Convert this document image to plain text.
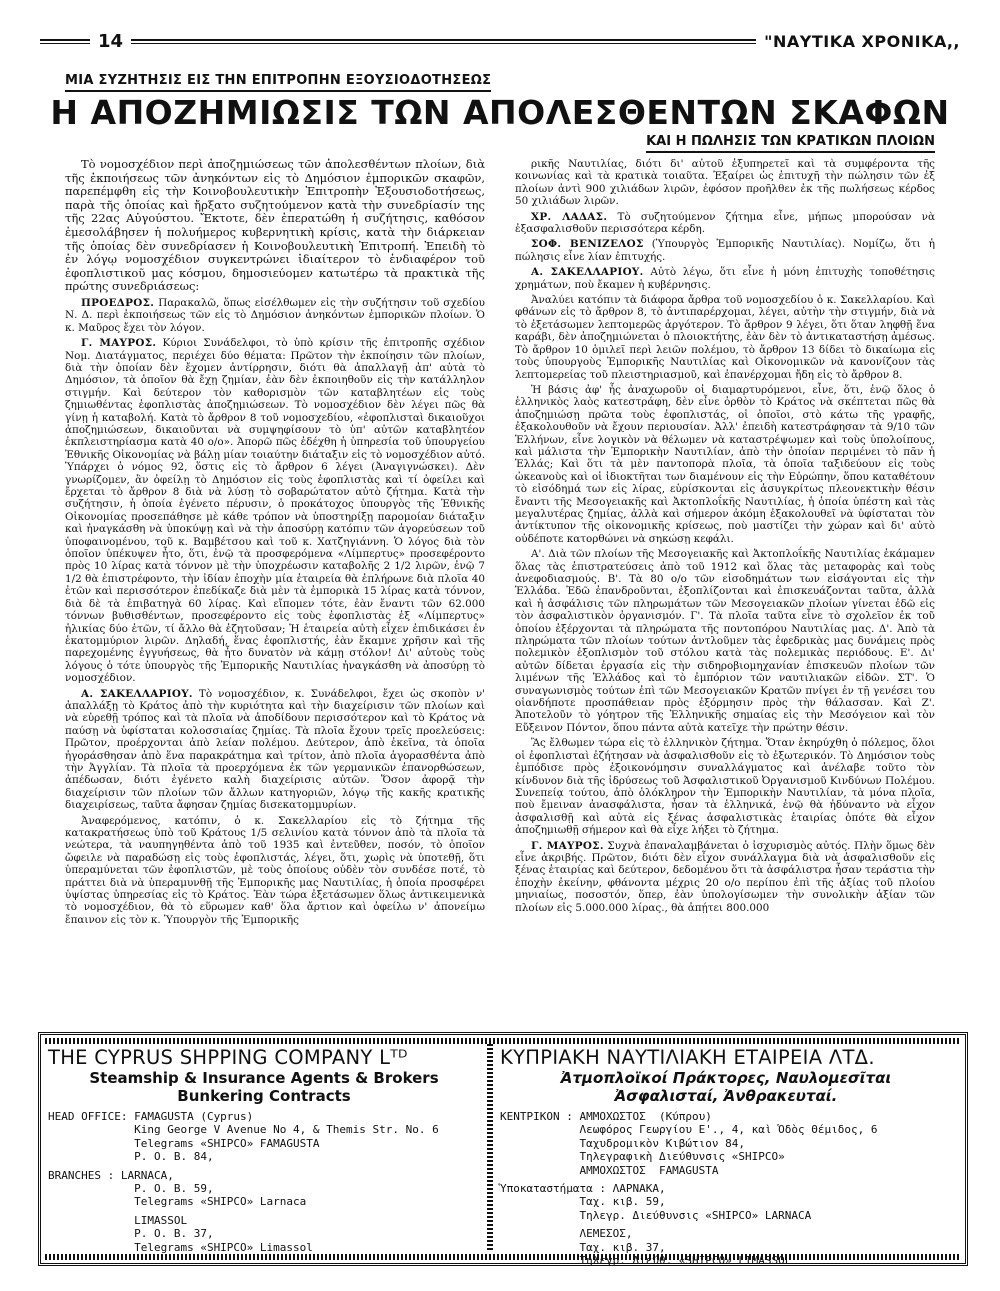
14	"ΝΑΥΤΙΚΑ ΧΡΟΝΙΚΑ,,
ΜΙΑ ΣΥΖΗΤΗΣΙΣ ΕΙΣ ΤΗΝ ΕΠΙΤΡΟΠΗΝ ΕΞΟΥΣΙΟΔΟΤΗΣΕΩΣ
Η ΑΠΟΖΗΜΙΩΣΙΣ ΤΩΝ ΑΠΟΛΕΣΘΕΝΤΩΝ ΣΚΑΦΩΝ
ΚΑΙ Η ΠΩΛΗΣΙΣ ΤΩΝ ΚΡΑΤΙΚΩΝ ΠΛΟΙΩΝ

Τὸ νομοσχέδιον περὶ ἀποζημιώσεως τῶν ἀπολεσθέντων πλοίων, διὰ τῆς ἐκποιήσεως τῶν ἀνηκόντων εἰς τὸ Δημόσιον ἐμπορικῶν σκαφῶν, παρεπέμφθη εἰς τὴν Κοινοβουλευτικὴν Ἐπιτροπὴν Ἐξουσιοδοτήσεως, παρὰ τῆς ὁποίας καὶ ἤρξατο συζητούμενον κατὰ τὴν συνεδρίασίν της τῆς 22ας Αὐγούστου. Ἔκτοτε, δὲν ἐπερατώθη ἡ συζήτησις, καθόσον ἐμεσολάβησεν ἡ πολυήμερος κυβερνητικὴ κρίσις, κατὰ τὴν διάρκειαν τῆς ὁποίας δὲν συνεδρίασεν ἡ Κοινοβουλευτικὴ Ἐπιτροπή. Ἐπειδὴ τὸ ἐν λόγῳ νομοσχέδιον συγκεντρώνει ἰδιαίτερον τὸ ἐνδιαφέρον τοῦ ἐφοπλιστικοῦ μας κόσμου, δημοσιεύομεν κατωτέρω τὰ πρακτικὰ τῆς πρώτης συνεδριάσεως:

ΠΡΟΕΔΡΟΣ. Παρακαλῶ, ὅπως εἰσέλθωμεν εἰς τὴν συζήτησιν τοῦ σχεδίου Ν. Δ. περὶ ἐκποιήσεως τῶν εἰς τὸ Δημόσιον ἀνηκόντων ἐμπορικῶν πλοίων. Ὁ κ. Μαῦρος ἔχει τὸν λόγον.

Γ. ΜΑΥΡΟΣ. Κύριοι Συνάδελφοι, τὸ ὑπὸ κρίσιν τῆς ἐπιτροπῆς σχέδιον Νομ. Διατάγματος, περιέχει δύο θέματα: Πρῶτον τὴν ἐκποίησιν τῶν πλοίων, διὰ τὴν ὁποίαν δὲν ἔχομεν ἀντίρρησιν, διότι θὰ ἀπαλλαγῇ ἀπ' αὐτὰ τὸ Δημόσιον, τὰ ὁποῖον θὰ ἔχῃ ζημίαν, ἐὰν δὲν ἐκποιηθοῦν εἰς τὴν κατάλληλον στιγμήν. Καὶ δεύτερον τὸν καθορισμὸν τῶν καταβλητέων εἰς τοὺς ζημιωθέντας ἐφοπλιστὰς ἀποζημιώσεων. Τὸ νομοσχέδιον δὲν λέγει πῶς θὰ γίνῃ ἡ καταβολή. Κατὰ τὸ ἄρθρον 8 τοῦ νομοσχεδίου, «ἐφοπλισταὶ δικαιοῦχοι ἀποζημιώσεων, δικαιοῦνται νὰ συμψηφίσουν τὸ ὑπ' αὐτῶν καταβλητέον ἐκπλειστηρίασμα κατὰ 40 ο/ο». Ἀπορῶ πῶς ἐδέχθη ἡ ὑπηρεσία τοῦ ὑπουργείου Ἐθνικῆς Οἰκονομίας νὰ βάλῃ μίαν τοιαύτην διάταξιν εἰς τὸ νομοσχέδιον αὐτό. Ὑπάρχει ὁ νόμος 92, ὅστις εἰς τὸ ἄρθρον 6 λέγει (Ἀναγιγνώσκει). Δὲν γνωρίζομεν, ἂν ὀφείλῃ τὸ Δημόσιον εἰς τοὺς ἐφοπλιστὰς καὶ τί ὀφείλει καὶ ἔρχεται τὸ ἄρθρον 8 διὰ νὰ λύσῃ τὸ σοβαρώτατον αὐτὸ ζήτημα. Κατὰ τὴν συζήτησιν, ἡ ὁποία ἐγένετο πέρυσιν, ὁ προκάτοχος ὑπουργὸς τῆς Ἐθνικῆς Οἰκονομίας προσεπάθησε μὲ κάθε τρόπον νὰ ὑποστηρίξῃ παρομοίαν διάταξιν καὶ ἠναγκάσθη νὰ ὑποκύψῃ καὶ νὰ τὴν ἀποσύρῃ κατόπιν τῶν ἀγορεύσεων τοῦ ὑποφαινομένου, τοῦ κ. Βαμβέτσου καὶ τοῦ κ. Χατζηγιάννη. Ὁ λόγος διὰ τὸν ὁποῖον ὑπέκυψεν ἦτο, ὅτι, ἐνῷ τὰ προσφερόμενα «Λίμπερτυς» προσεφέροντο πρὸς 10 λίρας κατὰ τόννον μὲ τὴν ὑποχρέωσιν καταβολῆς 2 1/2 λιρῶν, ἐνῷ 7 1/2 θὰ ἐπιστρέφοντο, τὴν ἰδίαν ἐποχὴν μία ἑταιρεία θὰ ἐπλήρωνε διὰ πλοῖα 40 ἐτῶν καὶ περισσότερον ἐπεδίκαζε διὰ μὲν τὰ ἐμπορικὰ 15 λίρας κατὰ τόννον, διὰ δὲ τὰ ἐπιβατηγὰ 60 λίρας. Καὶ εἴπομεν τότε, ἐὰν ἔναντι τῶν 62.000 τόννων βυθισθέντων, προσεφέροντο εἰς τοὺς ἐφοπλιστὰς ἐξ «Λίμπερτυς» ἡλικίας δύο ἐτῶν, τί ἄλλο θὰ ἐζητοῦσαν; Ἡ ἑταιρεία αὐτὴ εἶχεν ἐπιδικάσει ἐν ἑκατομμύριον λιρῶν. Δηλαδή, ἕνας ἐφοπλιστής, ἐὰν ἔκαμνε χρῆσιν καὶ τῆς παρεχομένης ἐγγυήσεως, θὰ ἦτο δυνατὸν νὰ κάμῃ στόλον! Δι' αὐτοὺς τοὺς λόγους ὁ τότε ὑπουργὸς τῆς Ἐμπορικῆς Ναυτιλίας ἠναγκάσθη νὰ ἀποσύρῃ τὸ νομοσχέδιον.

Α. ΣΑΚΕΛΛΑΡΙΟΥ. Τὸ νομοσχέδιον, κ. Συνάδελφοι, ἔχει ὡς σκοπὸν ν' ἀπαλλάξῃ τὸ Κράτος ἀπὸ τὴν κυριότητα καὶ τὴν διαχείρισιν τῶν πλοίων καὶ νὰ εὑρεθῇ τρόπος καὶ τὰ πλοῖα νὰ ἀποδίδουν περισσότερον καὶ τὸ Κράτος νὰ παύσῃ νὰ ὑφίσταται κολοσσιαίας ζημίας. Τὰ πλοῖα ἔχουν τρεῖς προελεύσεις: Πρῶτον, προέρχονται ἀπὸ λείαν πολέμου. Δεύτερον, ἀπὸ ἐκεῖνα, τὰ ὁποῖα ἠγοράσθησαν ἀπὸ ἕνα παρακράτημα καὶ τρίτον, ἀπὸ πλοῖα ἀγορασθέντα ἀπὸ τὴν Ἀγγλίαν. Τὰ πλοῖα τὰ προερχόμενα ἐκ τῶν γερμανικῶν ἐπανορθώσεων, ἀπέδωσαν, διότι ἐγένετο καλὴ διαχείρισις αὐτῶν. Ὅσον ἀφορᾷ τὴν διαχείρισιν τῶν πλοίων τῶν ἄλλων κατηγοριῶν, λόγῳ τῆς κακῆς κρατικῆς διαχειρίσεως, ταῦτα ἄφησαν ζημίας δισεκατομμυρίων.

Ἀναφερόμενος, κατόπιν, ὁ κ. Σακελλαρίου εἰς τὸ ζήτημα τῆς κατακρατήσεως ὑπὸ τοῦ Κράτους 1/5 σελινίου κατὰ τόννον ἀπὸ τὰ πλοῖα τὰ νεώτερα, τὰ ναυπηγηθέντα ἀπὸ τοῦ 1935 καὶ ἐντεῦθεν, ποσόν, τὸ ὁποῖον ὤφειλε νὰ παραδώσῃ εἰς τοὺς ἐφοπλιστάς, λέγει, ὅτι, χωρὶς νὰ ὑποτεθῇ, ὅτι ὑπεραμύνεται τῶν ἐφοπλιστῶν, μὲ τοὺς ὁποίους οὐδὲν τὸν συνδέσε ποτέ, τὸ πράττει διὰ νὰ ὑπεραμυνθῇ τῆς Ἐμπορικῆς μας Ναυτιλίας, ἡ ὁποία προσφέρει ὑψίστας ὑπηρεσίας εἰς τὸ Κράτος. Ἐὰν τώρα ἐξετάσωμεν ὅλως ἀντικειμενικὰ τὸ νομοσχέδιον, θὰ τὸ εὕρωμεν καθ' ὅλα ἄρτιον καὶ ὀφείλω ν' ἀπονείμω ἔπαινον εἰς τὸν κ. Ὑπουργὸν τῆς Ἐμπορικῆς

ρικῆς Ναυτιλίας, διότι δι' αὐτοῦ ἐξυπηρετεῖ καὶ τὰ συμφέροντα τῆς κοινωνίας καὶ τὰ κρατικὰ τοιαῦτα. Ἐξαίρει ὡς ἐπιτυχῆ τὴν πώλησιν τῶν ἐξ πλοίων ἀντὶ 900 χιλιάδων λιρῶν, ἐφόσον προῆλθεν ἐκ τῆς πωλήσεως κέρδος 50 χιλιάδων λιρῶν.

ΧΡ. ΛΑΔΑΣ. Τὸ συζητούμενον ζήτημα εἶνε, μήπως μπορούσαν νὰ ἐξασφαλισθοῦν περισσότερα κέρδη.

ΣΟΦ. ΒΕΝΙΖΕΛΟΣ (Ὑπουργὸς Ἐμπορικῆς Ναυτιλίας). Νομίζω, ὅτι ἡ πώλησις εἶνε λίαν ἐπιτυχής.

Α. ΣΑΚΕΛΛΑΡΙΟΥ. Αὐτὸ λέγω, ὅτι εἶνε ἡ μόνη ἐπιτυχὴς τοποθέτησις χρημάτων, ποὺ ἔκαμεν ἡ κυβέρνησις.

Ἀναλύει κατόπιν τὰ διάφορα ἄρθρα τοῦ νομοσχεδίου ὁ κ. Σακελλαρίου. Καὶ φθάνων εἰς τὸ ἄρθρον 8, τὸ ἀντιπαρέρχομαι, λέγει, αὐτὴν τὴν στιγμήν, διὰ νὰ τὸ ἐξετάσωμεν λεπτομερῶς ἀργότερον. Τὸ ἄρθρον 9 λέγει, ὅτι ὅταν ληφθῇ ἕνα καράβι, δὲν ἀποζημιώνεται ὁ πλοιοκτήτης, ἐὰν δὲν τὸ ἀντικαταστήσῃ ἀμέσως. Τὸ ἄρθρον 10 ὁμιλεῖ περὶ λειῶν πολέμου, τὸ ἄρθρον 13 δίδει τὸ δικαίωμα εἰς τοὺς ὑπουργοὺς Ἐμπορικῆς Ναυτιλίας καὶ Οἰκονομικῶν νὰ κανονίζουν τὰς λεπτομερείας τοῦ πλειστηριασμοῦ, καὶ ἐπανέρχομαι ἤδη εἰς τὸ ἄρθρον 8.

Ἡ βάσις ἀφ' ἧς ἀναχωροῦν οἱ διαμαρτυρόμενοι, εἶνε, ὅτι, ἐνῷ ὅλος ὁ ἑλληνικὸς λαὸς κατεστράφη, δὲν εἶνε ὀρθὸν τὸ Κράτος νὰ σκέπτεται πῶς θὰ ἀποζημιώσῃ πρῶτα τοὺς ἐφοπλιστάς, οἱ ὁποῖοι, στὸ κάτω τῆς γραφῆς, ἐξακολουθοῦν νὰ ἔχουν περιουσίαν. Ἀλλ' ἐπειδὴ κατεστράφησαν τὰ 9/10 τῶν Ἑλλήνων, εἶνε λογικὸν νὰ θέλωμεν νὰ καταστρέψωμεν καὶ τοὺς ὑπολοίπους, καὶ μάλιστα τὴν Ἐμπορικὴν Ναυτιλίαν, ἀπὸ τὴν ὁποίαν περιμένει τὸ πᾶν ἡ Ἑλλάς; Καὶ ὅτι τὰ μὲν παντοπορὰ πλοῖα, τὰ ὁποῖα ταξιδεύουν εἰς τοὺς ὠκεανοὺς καὶ οἱ ἰδιοκτῆται των διαμένουν εἰς τὴν Εὐρώπην, ὅπου καταθέτουν τὸ εἰσόδημά των εἰς λίρας, εὑρίσκονται εἰς ἀσυγκρίτως πλεονεκτικὴν θέσιν ἔναντι τῆς Μεσογειακῆς καὶ Ἀκτοπλοΐκῆς Ναυτιλίας, ἡ ὁποία ὑπέστη καὶ τὰς μεγαλυτέρας ζημίας, ἀλλὰ καὶ σήμερον ἀκόμη ἐξακολουθεῖ νὰ ὑφίσταται τὸν ἀντίκτυπον τῆς οἰκονομικῆς κρίσεως, ποὺ μαστίζει τὴν χώραν καὶ δι' αὐτὸ οὐδέποτε κατορθώνει νὰ σηκώσῃ κεφάλι.

Α'. Διὰ τῶν πλοίων τῆς Μεσογειακῆς καὶ Ἀκτοπλοΐκῆς Ναυτιλίας ἐκάμαμεν ὅλας τὰς ἐπιστρατεύσεις ἀπὸ τοῦ 1912 καὶ ὅλας τὰς μεταφορὰς καὶ τοὺς ἀνεφοδιασμούς. Β'. Τὰ 80 ο/ο τῶν εἰσοδημάτων των εἰσάγονται εἰς τὴν Ἑλλάδα. Ἐδῶ ἐπανδροῦνται, ἐξοπλίζονται καὶ ἐπισκευάζονται ταῦτα, ἀλλὰ καὶ ἡ ἀσφάλισις τῶν πληρωμάτων τῶν Μεσογειακῶν πλοίων γίνεται ἐδῶ εἰς τὸν ἀσφαλιστικὸν ὀργανισμόν. Γ'. Τὰ πλοῖα ταῦτα εἶνε τὸ σχολεῖον ἐκ τοῦ ὁποίου ἐξέρχονται τὰ πληρώματα τῆς ποντοπόρου Ναυτιλίας μας. Δ'. Ἀπὸ τὰ πληρώματα τῶν πλοίων τούτων ἀντλοῦμεν τὰς ἐφεδρικὰς μας δυνάμεις πρὸς πολεμικὸν ἐξοπλισμὸν τοῦ στόλου κατὰ τὰς πολεμικὰς περιόδους. Ε'. Δι' αὐτῶν δίδεται ἐργασία εἰς τὴν σιδηροβιομηχανίαν ἐπισκευῶν πλοίων τῶν λιμένων τῆς Ἑλλάδος καὶ τὸ ἐμπόριον τῶν ναυτιλιακῶν εἰδῶν. ΣΤ'. Ὁ συναγωνισμὸς τούτων ἐπὶ τῶν Μεσογειακῶν Κρατῶν πνίγει ἐν τῇ γενέσει του οἱανδήποτε προσπάθειαν πρὸς ἐξόρμησιν πρὸς τὴν θάλασσαν. Καὶ Ζ'. Ἀποτελοῦν τὸ γόητρον τῆς Ἑλληνικῆς σημαίας εἰς τὴν Μεσόγειον καὶ τὸν Εὔξεινον Πόντον, ὅπου πάντα αὐτὰ κατεῖχε τὴν πρώτην θέσιν.

Ἂς ἔλθωμεν τώρα εἰς τὸ ἑλληνικὸν ζήτημα. Ὅταν ἐκηρύχθη ὁ πόλεμος, ὅλοι οἱ ἐφοπλισταὶ ἐζήτησαν νὰ ἀσφαλισθοῦν εἰς τὸ ἐξωτερικόν. Τὸ Δημόσιον τοὺς ἐμπόδισε πρὸς ἐξοικονόμησιν συναλλάγματος καὶ ἀνέλαβε τοῦτο τὸν κίνδυνον διὰ τῆς ἱδρύσεως τοῦ Ἀσφαλιστικοῦ Ὀργανισμοῦ Κινδύνων Πολέμου. Συνεπείᾳ τούτου, ἀπὸ ὁλόκληρον τὴν Ἐμπορικὴν Ναυτιλίαν, τὰ μόνα πλοῖα, ποὺ ἔμειναν ἀνασφάλιστα, ἦσαν τὰ ἑλληνικά, ἐνῷ θὰ ἠδύναντο νὰ εἶχον ἀσφαλισθῇ καὶ αὐτὰ εἰς ξένας ἀσφαλιστικὰς ἑταιρίας ὁπότε θὰ εἶχον ἀποζημιωθῇ σήμερον καὶ θὰ εἶχε λήξει τὸ ζήτημα.

Γ. ΜΑΥΡΟΣ. Συχνὰ ἐπαναλαμβάνεται ὁ ἰσχυρισμὸς αὐτός. Πλὴν ὅμως δὲν εἶνε ἀκριβής. Πρῶτον, διότι δὲν εἶχον συνάλλαγμα διὰ νὰ ἀσφαλισθοῦν εἰς ξένας ἑταιρίας καὶ δεύτερον, δεδομένου ὅτι τὰ ἀσφάλιστρα ἦσαν τεράστια τὴν ἐποχὴν ἐκείνην, φθάνοντα μέχρις 20 ο/ο περίπου ἐπὶ τῆς ἀξίας τοῦ πλοίου μηνιαίως, ποσοστόν, ὅπερ, ἐὰν ὑπολογίσωμεν τὴν συνολικὴν ἀξίαν τῶν πλοίων εἰς 5.000.000 λίρας., θὰ ἀπῄτει 800.000

THE CYPRUS SHPPING COMPANY Lᵀᴰ
Steamship & Insurance Agents & Brokers
Bunkering Contracts
HEAD OFFICE: FAMAGUSTA (Cyprus)
King George V Avenue No 4, & Themis Str. No. 6
Telegrams «SHIPCO» FAMAGUSTA
P. O. B. 84,
BRANCHES : LARNACA,
P. O. B. 59,
Telegrams «SHIPCO» Larnaca
LIMASSOL
P. O. B. 37,
Telegrams «SHIPCO» Limassol
ΚΥΠΡΙΑΚΗ ΝΑΥΤΙΛΙΑΚΗ ΕΤΑΙΡΕΙΑ ΛΤΔ.
Ἀτμοπλοϊκοί Πράκτορες, Ναυλομεσῖται
Ἀσφαλισταί, Ἀνθρακευταί.
ΚΕΝΤΡΙΚΟΝ : ΑΜΜΟΧΩΣΤΟΣ  (Κύπρου)
Λεωφόρος Γεωργίου Ε'., 4, καὶ Ὁδὸς Θέμιδος, 6
Ταχυδρομικὸν Κιβώτιον 84,
Τηλεγραφικὴ Διεύθυνσις «SHIPCO»
ΑΜΜΟΧΩΣΤΟΣ  FAMAGUSTA
Ὑποκαταστήματα : ΛΑΡΝΑΚΑ,
Ταχ. κιβ. 59,
Τηλεγρ. Διεύθυνσις «SHIPCO» LARNACA
ΛΕΜΕΣΟΣ,
Ταχ. κιβ. 37,
Τηλεγρ. Διεύθ. «SHIPCO» LIMASSOL
